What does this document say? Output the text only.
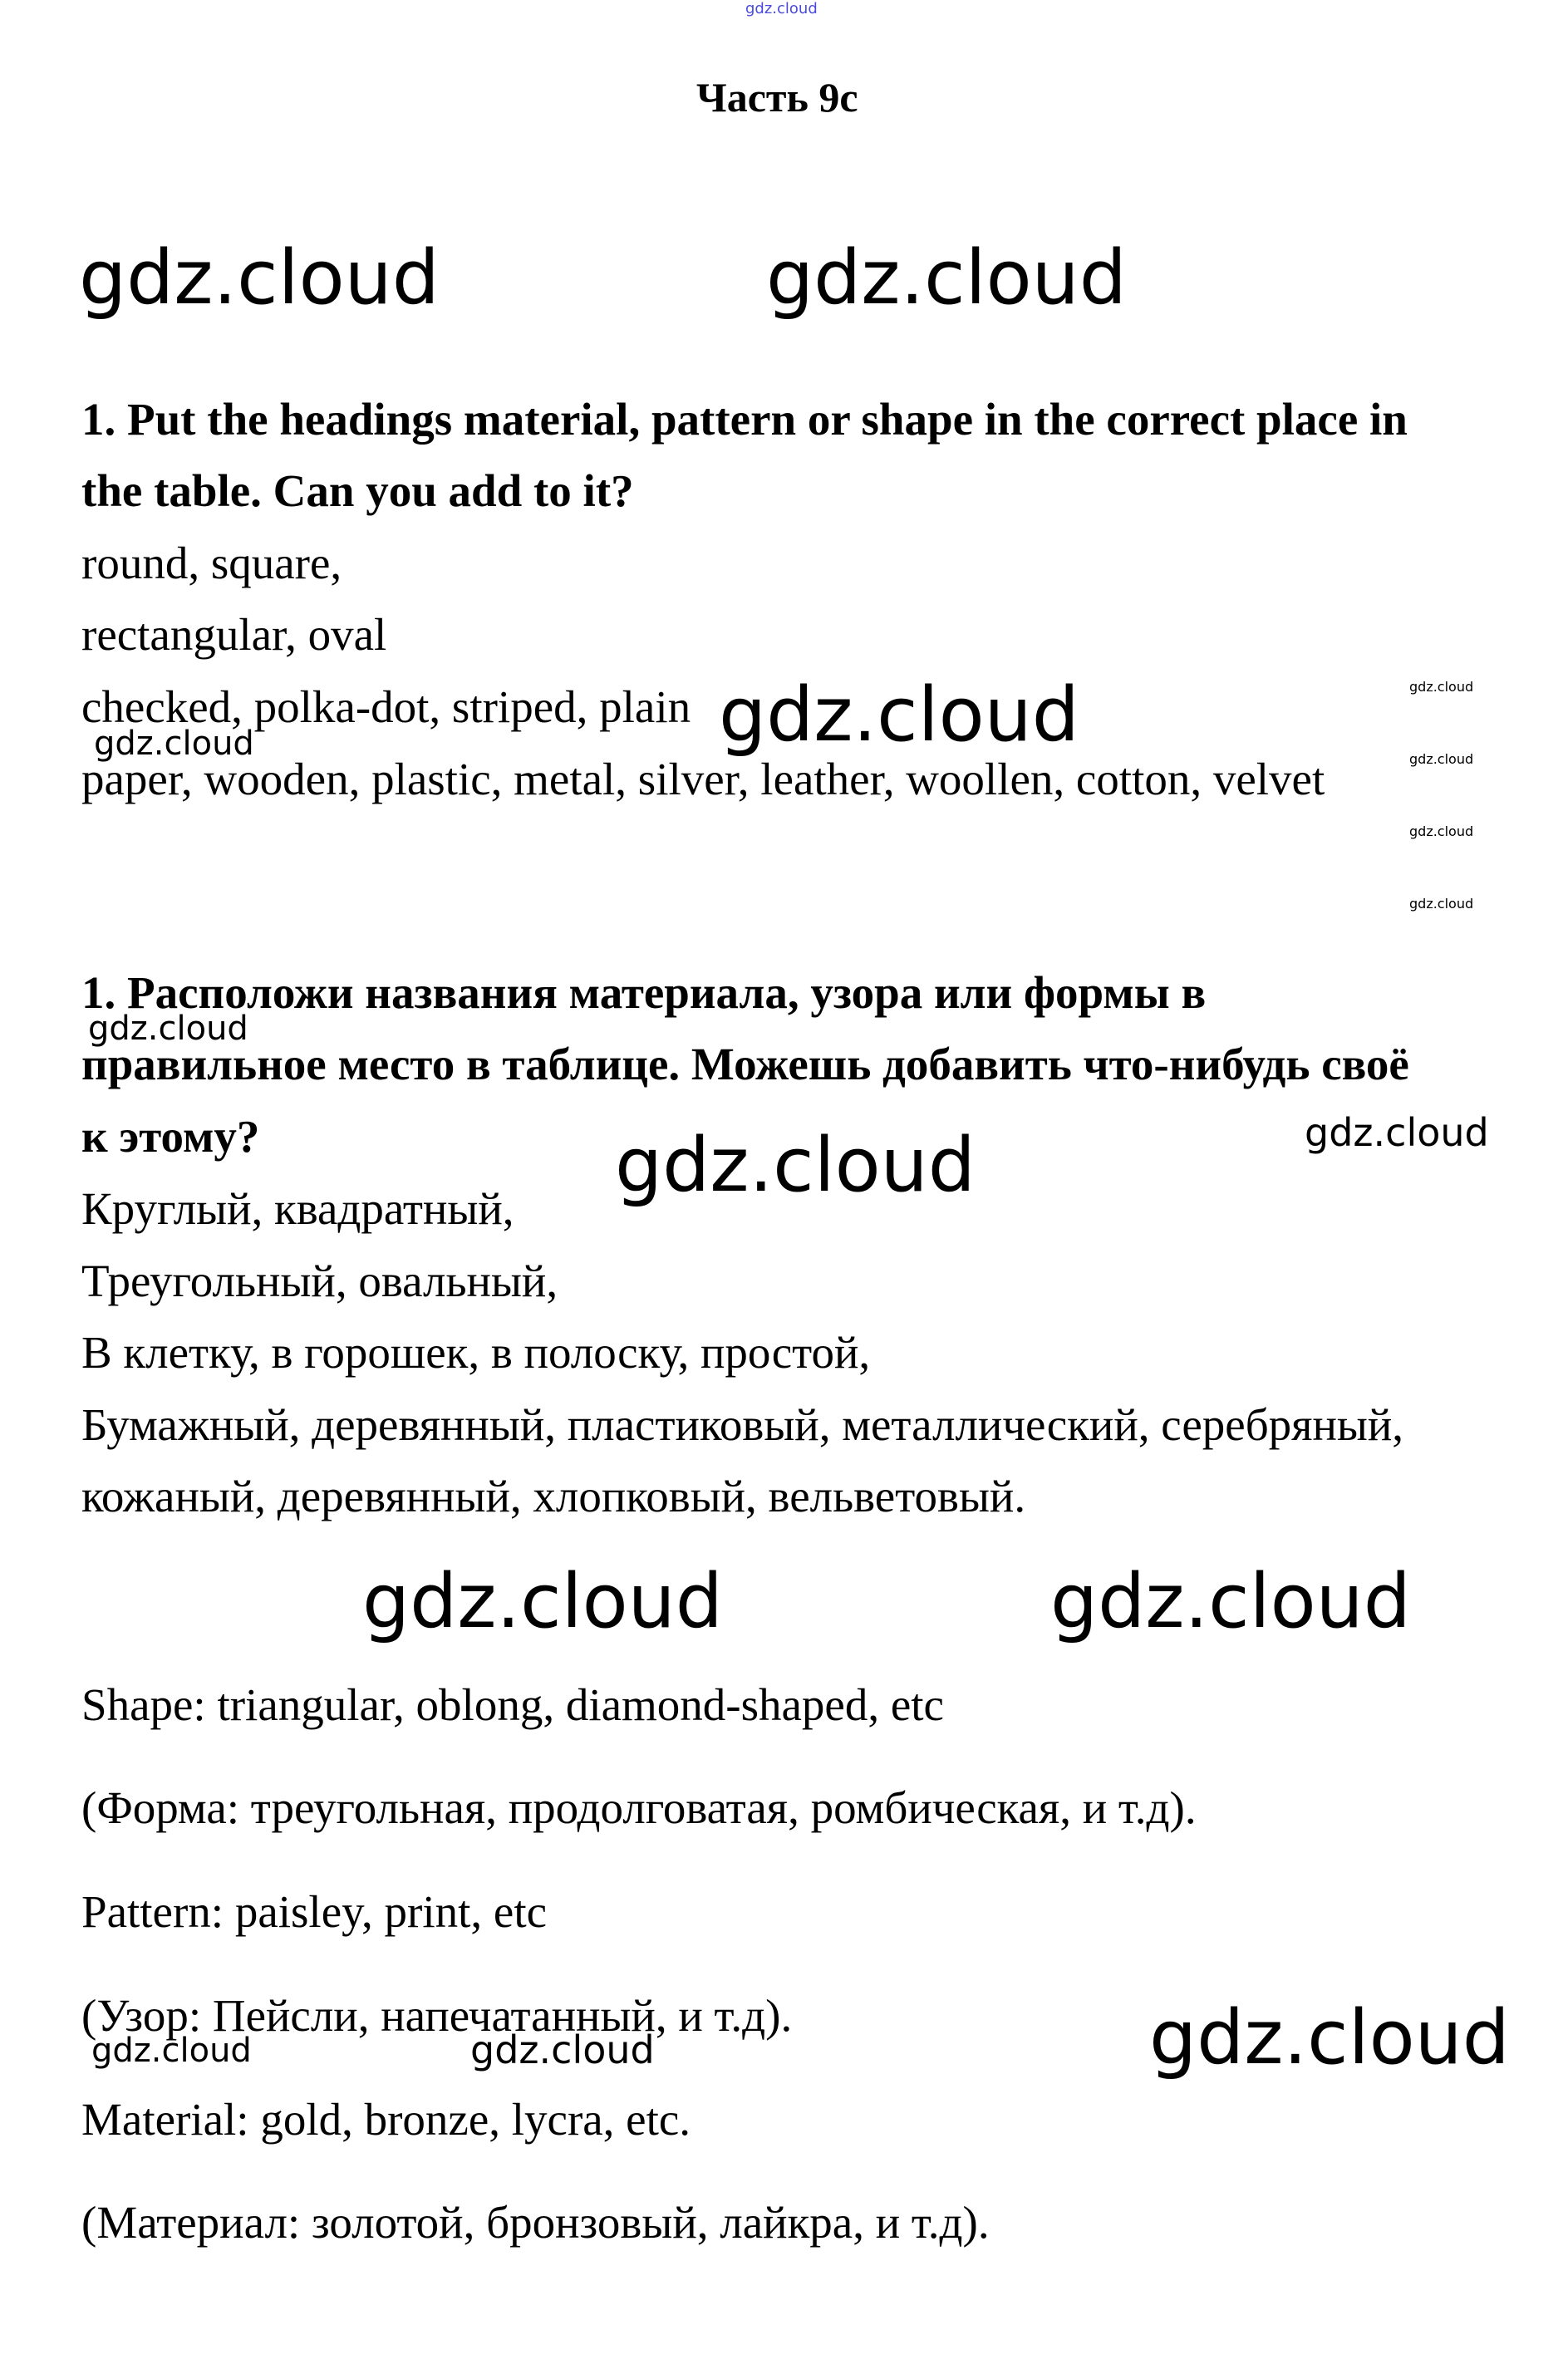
gdz.cloud
Часть 9с
gdz.cloud	gdz.cloud
1. Put the headings material, pattern or shape in the correct place in
the table. Can you add to it?
round, square,
rectangular, oval
checked, polka-dot, striped, plain
paper, wooden, plastic, metal, silver, leather, woollen, cotton, velvet
gdz.cloud
gdz.cloud
gdz.cloud
gdz.cloud
gdz.cloud
gdz.cloud
1. Расположи названия материала, узора или формы в
gdz.cloud
правильное место в таблице. Можешь добавить что-нибудь своё
к этому?	gdz.cloud
gdz.cloud
Круглый, квадратный,
Треугольный, овальный,
В клетку, в горошек, в полоску, простой,
Бумажный, деревянный, пластиковый, металлический, серебряный,
кожаный, деревянный, хлопковый, вельветовый.
gdz.cloud	gdz.cloud
Shape: triangular, oblong, diamond-shaped, etc
(Форма: треугольная, продолговатая, ромбическая, и т.д).
Pattern: paisley, print, etc
(Узор: Пейсли, напечатанный, и т.д).
Material: gold, bronze, lycra, etc.
(Материал: золотой, бронзовый, лайкра, и т.д).
gdz.cloud
gdz.cloud
gdz.cloud
